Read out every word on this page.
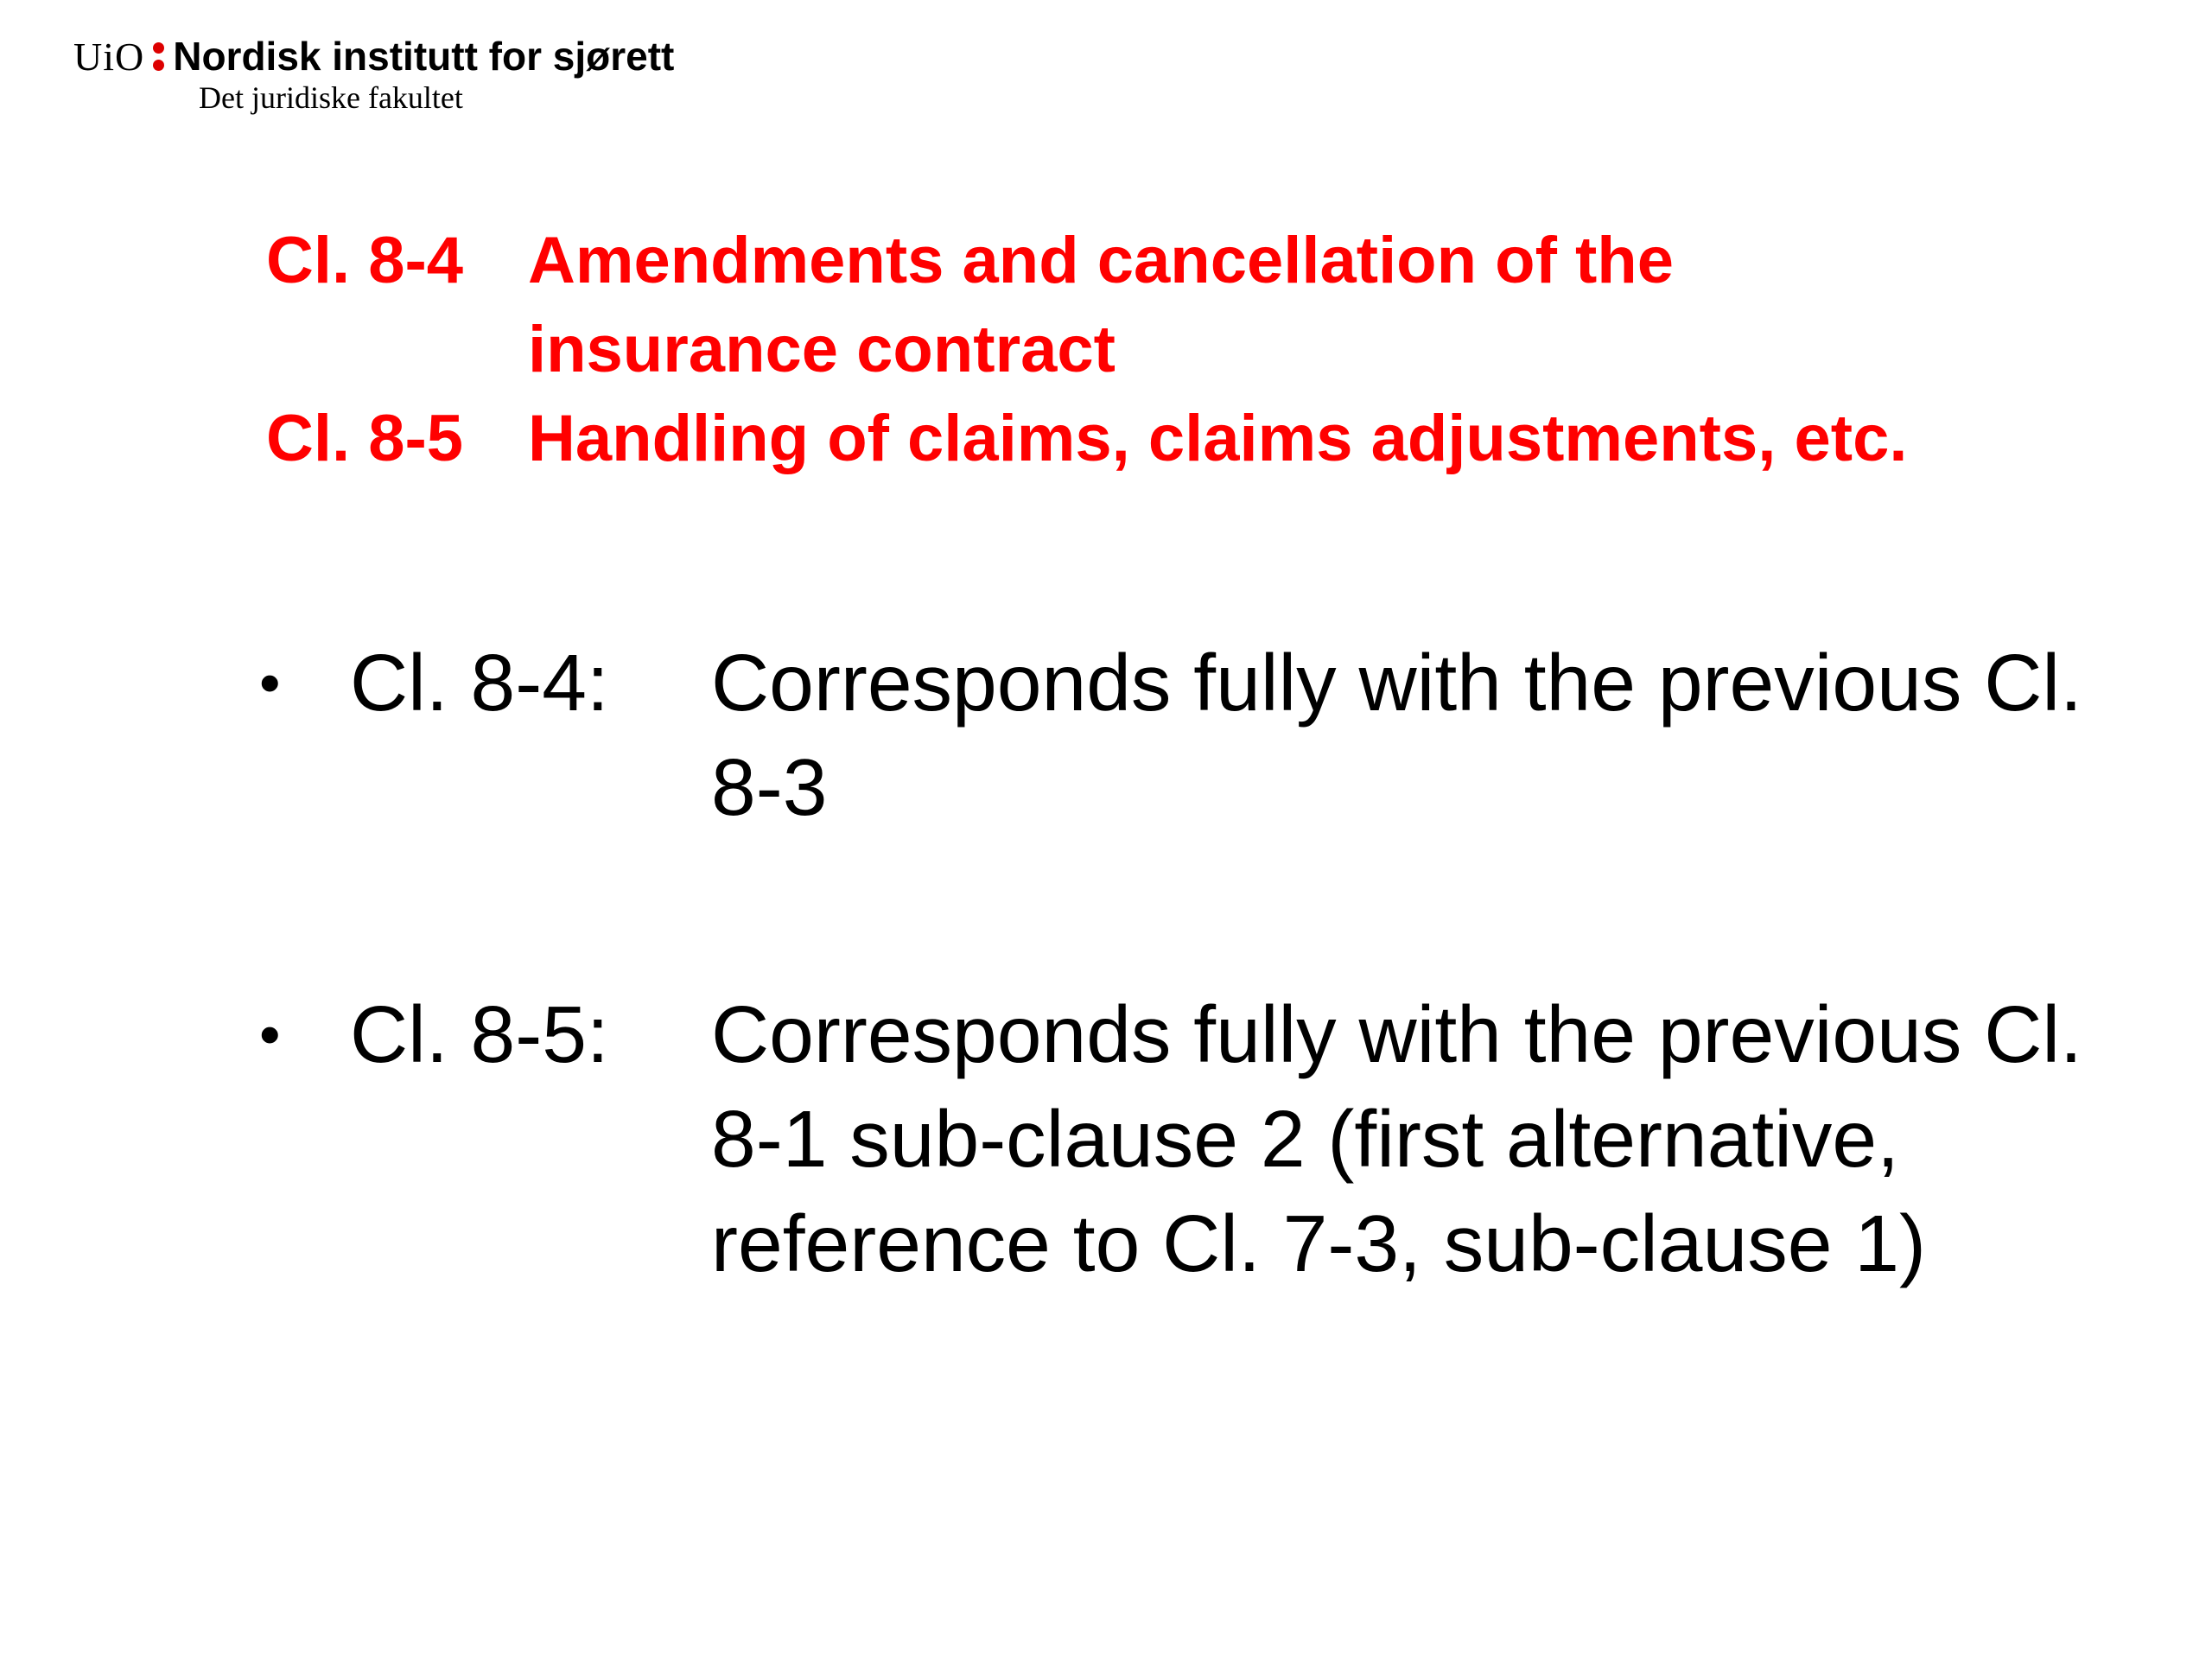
UiO Nordisk institutt for sjørett
Det juridiske fakultet
Cl. 8-4 Amendments and cancellation of the
insurance contract
Cl. 8-5 Handling of claims, claims adjustments, etc.
• Cl. 8-4:	Corresponds fully with the previous Cl. 8-3
• Cl. 8-5:	Corresponds fully with the previous Cl. 8-1 sub-clause 2 (first alternative, reference to Cl. 7-3, sub-clause 1)
